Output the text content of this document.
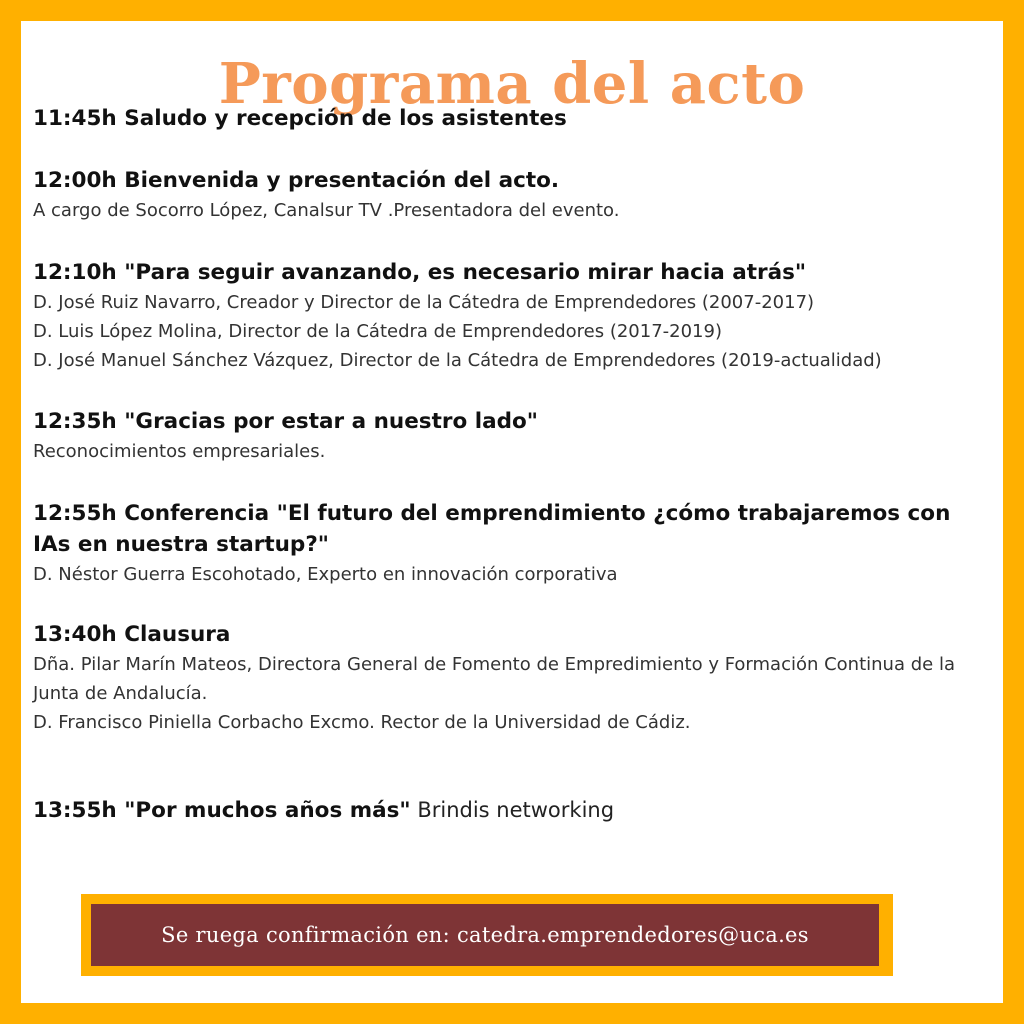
Programa del acto

11:45h Saludo y recepción de los asistentes

12:00h Bienvenida y presentación del acto.

A cargo de Socorro López, Canalsur TV .Presentadora del evento.

12:10h "Para seguir avanzando, es necesario mirar hacia atrás"

D. José Ruiz Navarro, Creador y Director de la Cátedra de Emprendedores (2007-2017)

D. Luis López Molina, Director de la Cátedra de Emprendedores (2017-2019)

D. José Manuel Sánchez Vázquez, Director de la Cátedra de Emprendedores (2019-actualidad)

12:35h "Gracias por estar a nuestro lado"

Reconocimientos empresariales.

12:55h Conferencia "El futuro del emprendimiento ¿cómo trabajaremos con IAs en nuestra startup?"

D. Néstor Guerra Escohotado, Experto en innovación corporativa

13:40h Clausura

Dña. Pilar Marín Mateos, Directora General de Fomento de Empredimiento y Formación Continua de la Junta de Andalucía.

D. Francisco Piniella Corbacho Excmo. Rector de la Universidad de Cádiz.

13:55h "Por muchos años más" Brindis networking

Se ruega confirmación en: catedra.emprendedores@uca.es
